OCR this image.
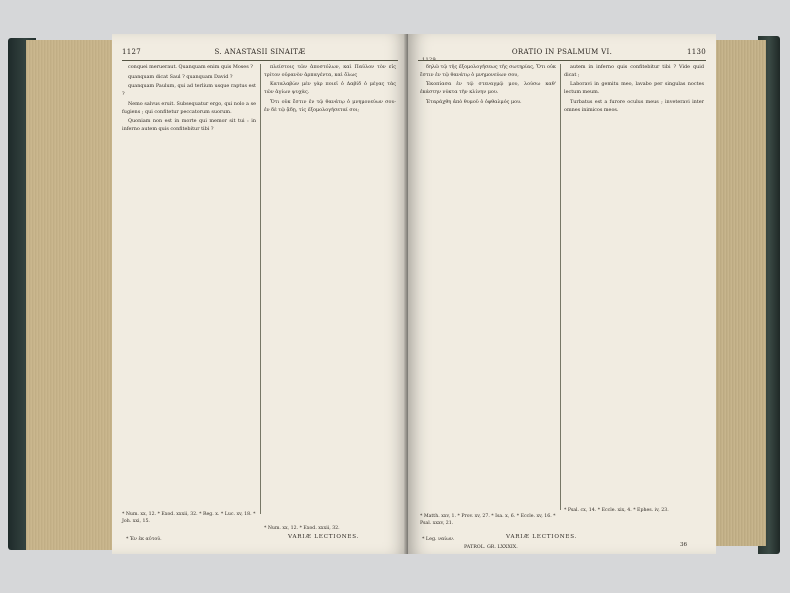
1127	S. ANASTASII SINAITÆ

conquei merueraut. Quanquam enim quis Moses ?

quanquam dicat Saul ? quanquam David ?

quanquam Paulum, qui ad terlium usque raptus est ?

Nemo salvus eruit. Subsequatur ergo, qui nolo a se fugiens ; qui confitetur peccatorum suorum.

Quoniam non est in morte qui memor sit tui : in inferno autem quis confitebitur tibi ?

πλείστοις τῶν ἀποστόλων, καὶ Παῦλον τὸν εἰς τρίτον οὐρανὸν ἁρπαγέντα, καὶ ὅλως

Καταλαβὼν μὲν γὰρ ποιεῖ ὁ Δαβίδ ὁ μέγας τὰς τῶν ἁγίων ψυχὰς.

Ὅτι οὐκ ἔστιν ἐν τῷ θανάτῳ ὁ μνημονεύων σου· ἐν δὲ τῷ ᾅδῃ, τίς ἐξομολογήσεταί σοι;

* Num. xx, 12. * Exod. xxxii, 32. * Reg. x. * Luc. xv, 18. * Joh. xxi, 15.
* Num. xx, 12. * Exod. xxxii, 32.
VARIÆ LECTIONES.
* Ἐν ἐκ αὐτοῦ.
1129
ORATIO IN PSALMUM VI.	1130

δηλῶ τῷ τῆς ἐξομολογήσεως τῆς σωτηρίας, Ὅτι οὐκ ἔστιν ἐν τῷ θανάτῳ ὁ μνημονεύων σου,

Ἐκοπίασα ἐν τῷ στεναγμῷ μου, λούσω καθ' ἑκάστην νύκτα τὴν κλίνην μου.

Ἐταράχθη ἀπὸ θυμοῦ ὁ ὀφθαλμός μου.

autem in inferno quis confitebitur tibi ? Vide quid dicat ;

Laboravi in gemitu meo, lavabo per singulas noctes lectum meum.

Turbatus est a furore oculus meus ; inveteravi inter omnes inimicos meos.

* Matth. xxv, 1. * Prov. xv, 27. * Isa. x, 6. * Eccle. xv, 16. * Psal. xxxv, 21.
* Psal. cx, 14. * Eccle. xix, 4. * Ephes. iv, 23.
VARIÆ LECTIONES.
* Leg. ναίων.
PATROL. GR. LXXXIX.	36
